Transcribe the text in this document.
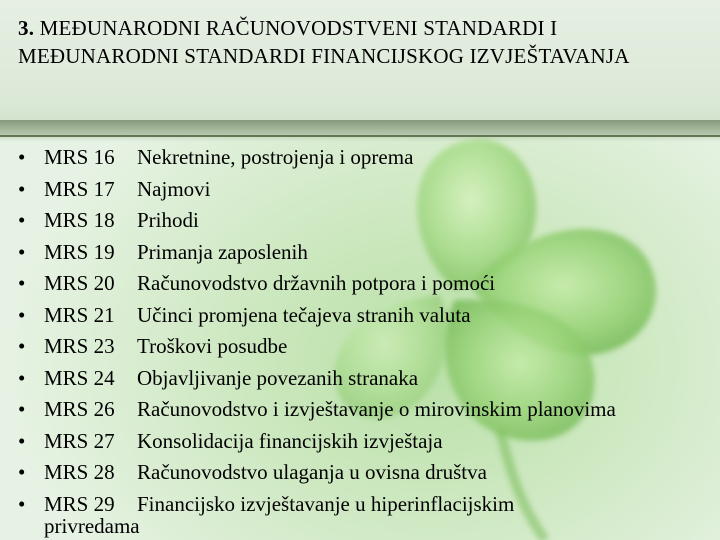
3. MEĐUNARODNI RAČUNOVODSTVENI STANDARDI I MEĐUNARODNI STANDARDI FINANCIJSKOG IZVJEŠTAVANJA
• MRS 16 Nekretnine, postrojenja i oprema
• MRS 17 Najmovi
• MRS 18 Prihodi
• MRS 19 Primanja zaposlenih
• MRS 20 Računovodstvo državnih potpora i pomoći
• MRS 21 Učinci promjena tečajeva stranih valuta
• MRS 23 Troškovi posudbe
• MRS 24 Objavljivanje povezanih stranaka
• MRS 26 Računovodstvo i izvještavanje o mirovinskim planovima
• MRS 27 Konsolidacija financijskih izvještaja
• MRS 28 Računovodstvo ulaganja u ovisna društva
• MRS 29 Financijsko izvještavanje u hiperinflacijskim
privredama
